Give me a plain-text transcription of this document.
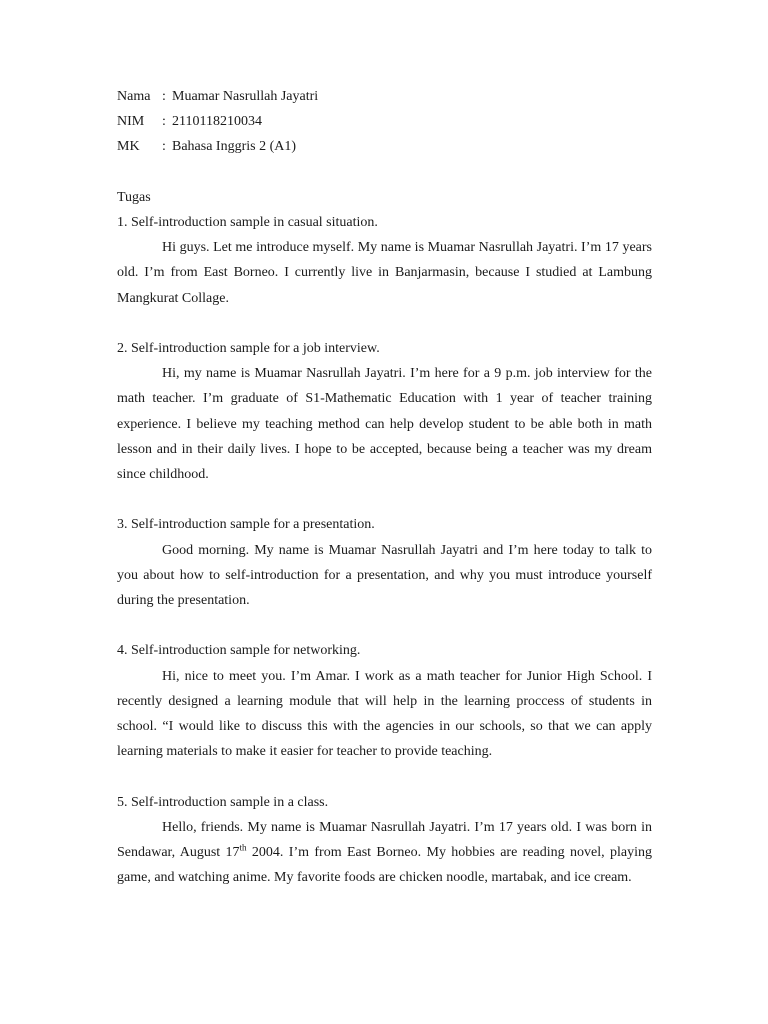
Nama : Muamar Nasrullah Jayatri
NIM	: 2110118210034
MK	: Bahasa Inggris 2 (A1)
Tugas
1. Self-introduction sample in casual situation.

Hi guys. Let me introduce myself. My name is Muamar Nasrullah Jayatri. I’m 17 years old. I’m from East Borneo. I currently live in Banjarmasin, because I studied at Lambung Mangkurat Collage.

2. Self-introduction sample for a job interview.

Hi, my name is Muamar Nasrullah Jayatri. I’m here for a 9 p.m. job interview for the math teacher. I’m graduate of S1-Mathematic Education with 1 year of teacher training experience. I believe my teaching method can help develop student to be able both in math lesson and in their daily lives. I hope to be accepted, because being a teacher was my dream since childhood.

3. Self-introduction sample for a presentation.

Good morning. My name is Muamar Nasrullah Jayatri and I’m here today to talk to you about how to self-introduction for a presentation, and why you must introduce yourself during the presentation.

4. Self-introduction sample for networking.

Hi, nice to meet you. I’m Amar. I work as a math teacher for Junior High School. I recently designed a learning module that will help in the learning proccess of students in school. “I would like to discuss this with the agencies in our schools, so that we can apply learning materials to make it easier for teacher to provide teaching.

5. Self-introduction sample in a class.

Hello, friends. My name is Muamar Nasrullah Jayatri. I’m 17 years old. I was born in Sendawar, August 17th 2004. I’m from East Borneo. My hobbies are reading novel, playing game, and watching anime. My favorite foods are chicken noodle, martabak, and ice cream.
